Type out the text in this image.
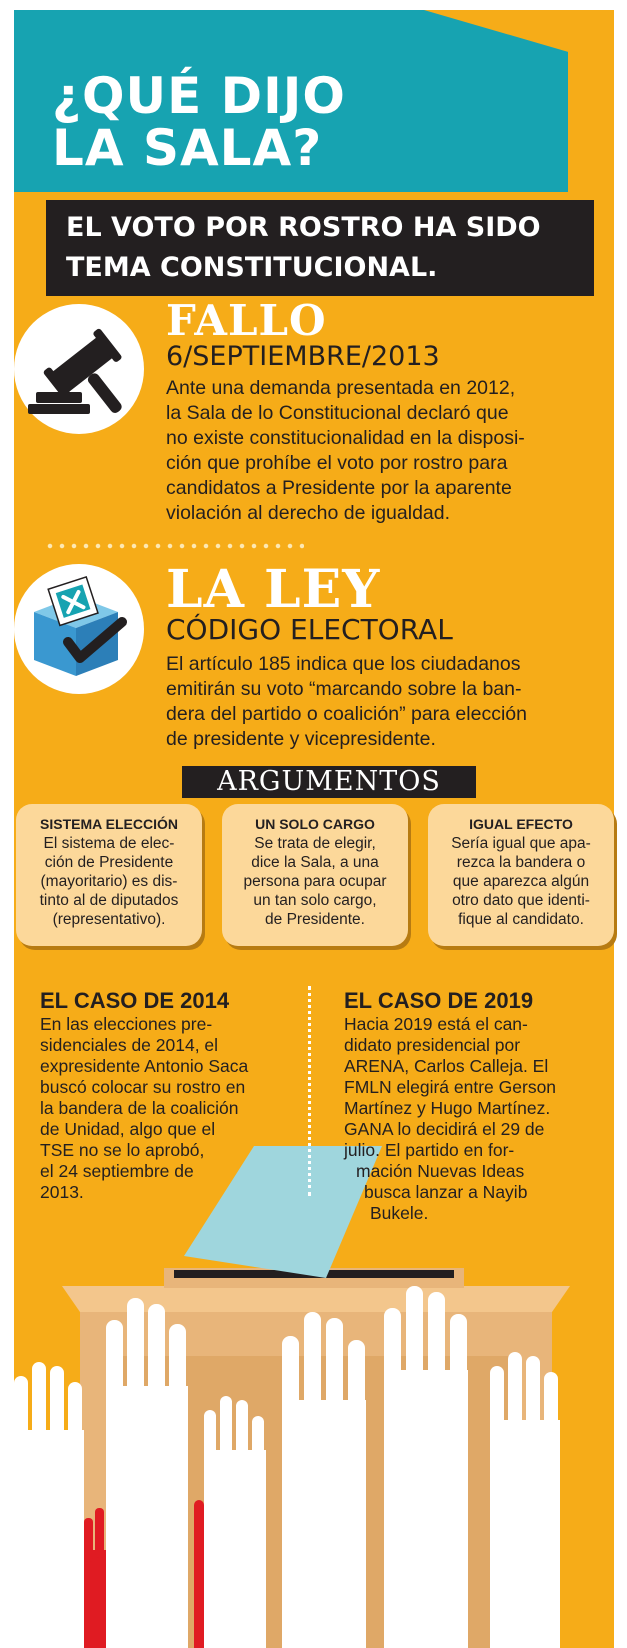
¿QUÉ DIJO
LA SALA?
EL VOTO POR ROSTRO HA SIDO
TEMA CONSTITUCIONAL.
FALLO
6/SEPTIEMBRE/2013
Ante una demanda presentada en 2012,
la Sala de lo Constitucional declaró que
no existe constitucionalidad en la disposi-
ción que prohíbe el voto por rostro para
candidatos a Presidente por la aparente
violación al derecho de igualdad.
LA LEY
CÓDIGO ELECTORAL
El artículo 185 indica que los ciudadanos
emitirán su voto “marcando sobre la ban-
dera del partido o coalición” para elección
de presidente y vicepresidente.
ARGUMENTOS
SISTEMA ELECCIÓN

El sistema de elec-
ción de Presidente
(mayoritario) es dis-
tinto al de diputados
(representativo).

UN SOLO CARGO

Se trata de elegir,
dice la Sala, a una
persona para ocupar
un tan solo cargo,
de Presidente.

IGUAL EFECTO

Sería igual que apa-
rezca la bandera o
que aparezca algún
otro dato que identi-
fique al candidato.

EL CASO DE 2014
En las elecciones pre-
sidenciales de 2014, el
expresidente Antonio Saca
buscó colocar su rostro en
la bandera de la coalición
de Unidad, algo que el
TSE no se lo aprobó,
el 24 septiembre de
2013.
EL CASO DE 2019
Hacia 2019 está el can-
didato presidencial por
ARENA, Carlos Calleja. El
FMLN elegirá entre Gerson
Martínez y Hugo Martínez.
GANA lo decidirá el 29 de
julio. El partido en for-
mación Nuevas Ideas
busca lanzar a Nayib
Bukele.
